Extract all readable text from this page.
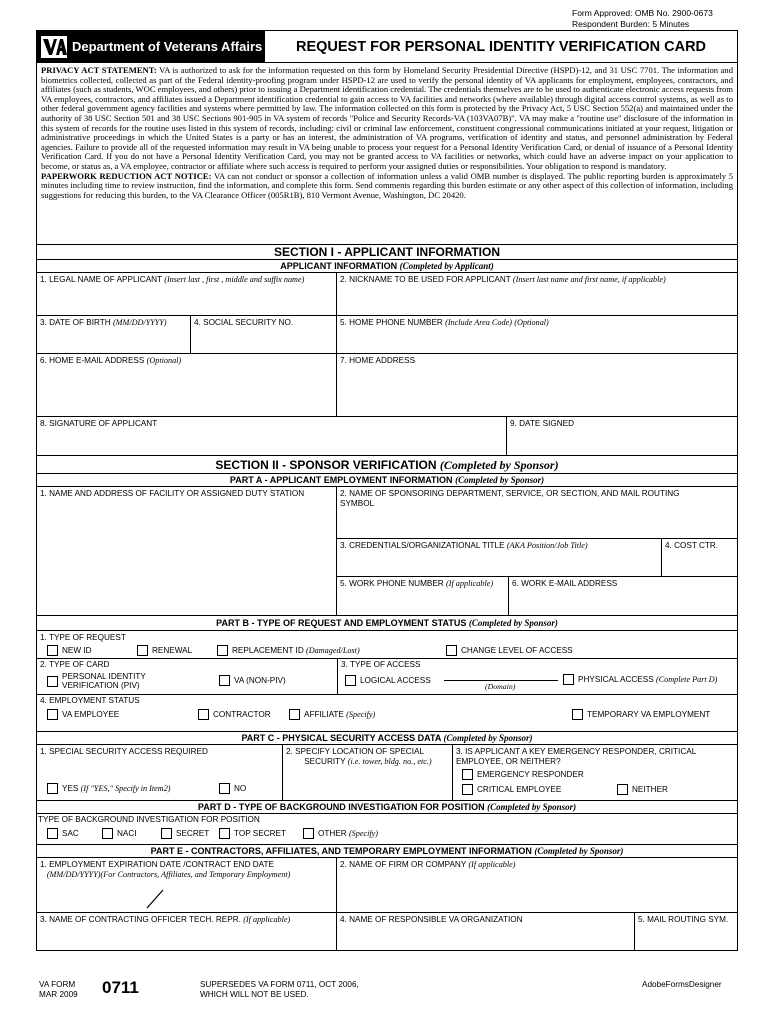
Form Approved: OMB No. 2900-0673
Respondent Burden: 5 Minutes
Department of Veterans Affairs	REQUEST FOR PERSONAL IDENTITY VERIFICATION CARD
PRIVACY ACT STATEMENT: VA is authorized to ask for the information requested on this form by Homeland Security Presidential Directive (HSPD)-12, and 31 USC 7701. The information and biometrics collected, collected as part of the Federal identity-proofing program under HSPD-12 are used to verify the personal identity of VA applicants for employment, employees, contractors, and affiliates (such as students, WOC employees, and others) prior to issuing a Department identification credential. The credentials themselves are to be used to authenticate electronic access requests from VA employees, contractors, and affiliates issued a Department identification credential to gain access to VA facilities and networks (where available) through digital access control systems, as well as to other federal government agency facilities and systems where permitted by law. The information collected on this form is protected by the Privacy Act, 5 USC Section 552(a) and maintained under the authority of 38 USC Section 501 and 38 USC Sections 901-905 in VA system of records "Police and Security Records-VA (103VA07B)". VA may make a "routine use" disclosure of the information in this system of records for the routine uses listed in this system of records, including: civil or criminal law enforcement, constituent congressional communications initiated at your request, litigation or administrative proceedings in which the United States is a party or has an interest, the administration of VA programs, verification of identity and status, and personnel administration by Federal agencies. Failure to provide all of the requested information may result in VA being unable to process your request for a Personal Identity Verification Card, or denial of issuance of a Personal Identity Verification Card. If you do not have a Personal Identity Verification Card, you may not be granted access to VA facilities or networks, which could have an adverse impact on your application to become, or status as, a VA employee, contractor or affiliate where such access is required to perform your assigned duties or responsibilities. Your obligation to respond is mandatory.
PAPERWORK REDUCTION ACT NOTICE: VA can not conduct or sponsor a collection of information unless a valid OMB number is displayed. The public reporting burden is approximately 5 minutes including time to review instruction, find the information, and complete this form. Send comments regarding this burden estimate or any other aspect of this collection of information, including suggestions for reducing this burden, to the VA Clearance Officer (005R1B), 810 Vermont Avenue, Washington, DC 20420.
SECTION I - APPLICANT INFORMATION
APPLICANT INFORMATION (Completed by Applicant)
1. LEGAL NAME OF APPLICANT (Insert last , first , middle and suffix name)	2. NICKNAME TO BE USED FOR APPLICANT (Insert last name and first name, if applicable)
3. DATE OF BIRTH (MM/DD/YYYY)	4. SOCIAL SECURITY NO.	5. HOME PHONE NUMBER (Include Area Code) (Optional)
6. HOME E-MAIL ADDRESS (Optional)	7. HOME ADDRESS
8. SIGNATURE OF APPLICANT	9. DATE SIGNED
SECTION II - SPONSOR VERIFICATION (Completed by Sponsor)
PART A - APPLICANT EMPLOYMENT INFORMATION (Completed by Sponsor)
1. NAME AND ADDRESS OF FACILITY OR ASSIGNED DUTY STATION	2. NAME OF SPONSORING DEPARTMENT, SERVICE, OR SECTION, AND MAIL ROUTING SYMBOL
3. CREDENTIALS/ORGANIZATIONAL TITLE (AKA Position/Job Title)	4. COST CTR.
5. WORK PHONE NUMBER (If applicable)	6. WORK E-MAIL ADDRESS
PART B - TYPE OF REQUEST AND EMPLOYMENT STATUS (Completed by Sponsor)
1. TYPE OF REQUEST
NEW ID	RENEWAL	REPLACEMENT ID
(Damaged/Lost)	CHANGE LEVEL OF ACCESS
2. TYPE OF CARD
PERSONAL IDENTITY
VERIFICATION (PIV)
VA (NON-PIV)
3. TYPE OF ACCESS
LOGICAL ACCESS
(Domain)
PHYSICAL ACCESS
(Complete Part D)
4. EMPLOYMENT STATUS
VA EMPLOYEE	CONTRACTOR	AFFILIATE
(Specify)	TEMPORARY VA EMPLOYMENT
PART C - PHYSICAL SECURITY ACCESS DATA (Completed by Sponsor)
1. SPECIAL SECURITY ACCESS REQUIRED
YES
(If "YES," Specify in Item2)	NO
2. SPECIFY LOCATION OF SPECIAL
SECURITY (i.e. tower, bldg. no., etc.)
3. IS APPLICANT A KEY EMERGENCY RESPONDER, CRITICAL
EMPLOYEE, OR NEITHER?
EMERGENCY RESPONDER
CRITICAL EMPLOYEE	NEITHER
PART D - TYPE OF BACKGROUND INVESTIGATION FOR POSITION (Completed by Sponsor)
TYPE OF BACKGROUND INVESTIGATION FOR POSITION
SAC	NACI	SECRET	TOP SECRET	OTHER
(Specify)
PART E - CONTRACTORS, AFFILIATES, AND TEMPORARY EMPLOYMENT INFORMATION (Completed by Sponsor)
1. EMPLOYMENT EXPIRATION DATE /CONTRACT END DATE
(MM/DD/YYYY)(For Contractors, Affiliates, and Temporary Employment)
2. NAME OF FIRM OR COMPANY (If applicable)
3. NAME OF CONTRACTING OFFICER TECH. REPR. (If applicable)	4. NAME OF RESPONSIBLE VA ORGANIZATION	5. MAIL ROUTING SYM.
VA FORM
MAR 2009 0711	SUPERSEDES VA FORM 0711, OCT 2006,
WHICH WILL NOT BE USED.
AdobeFormsDesigner
